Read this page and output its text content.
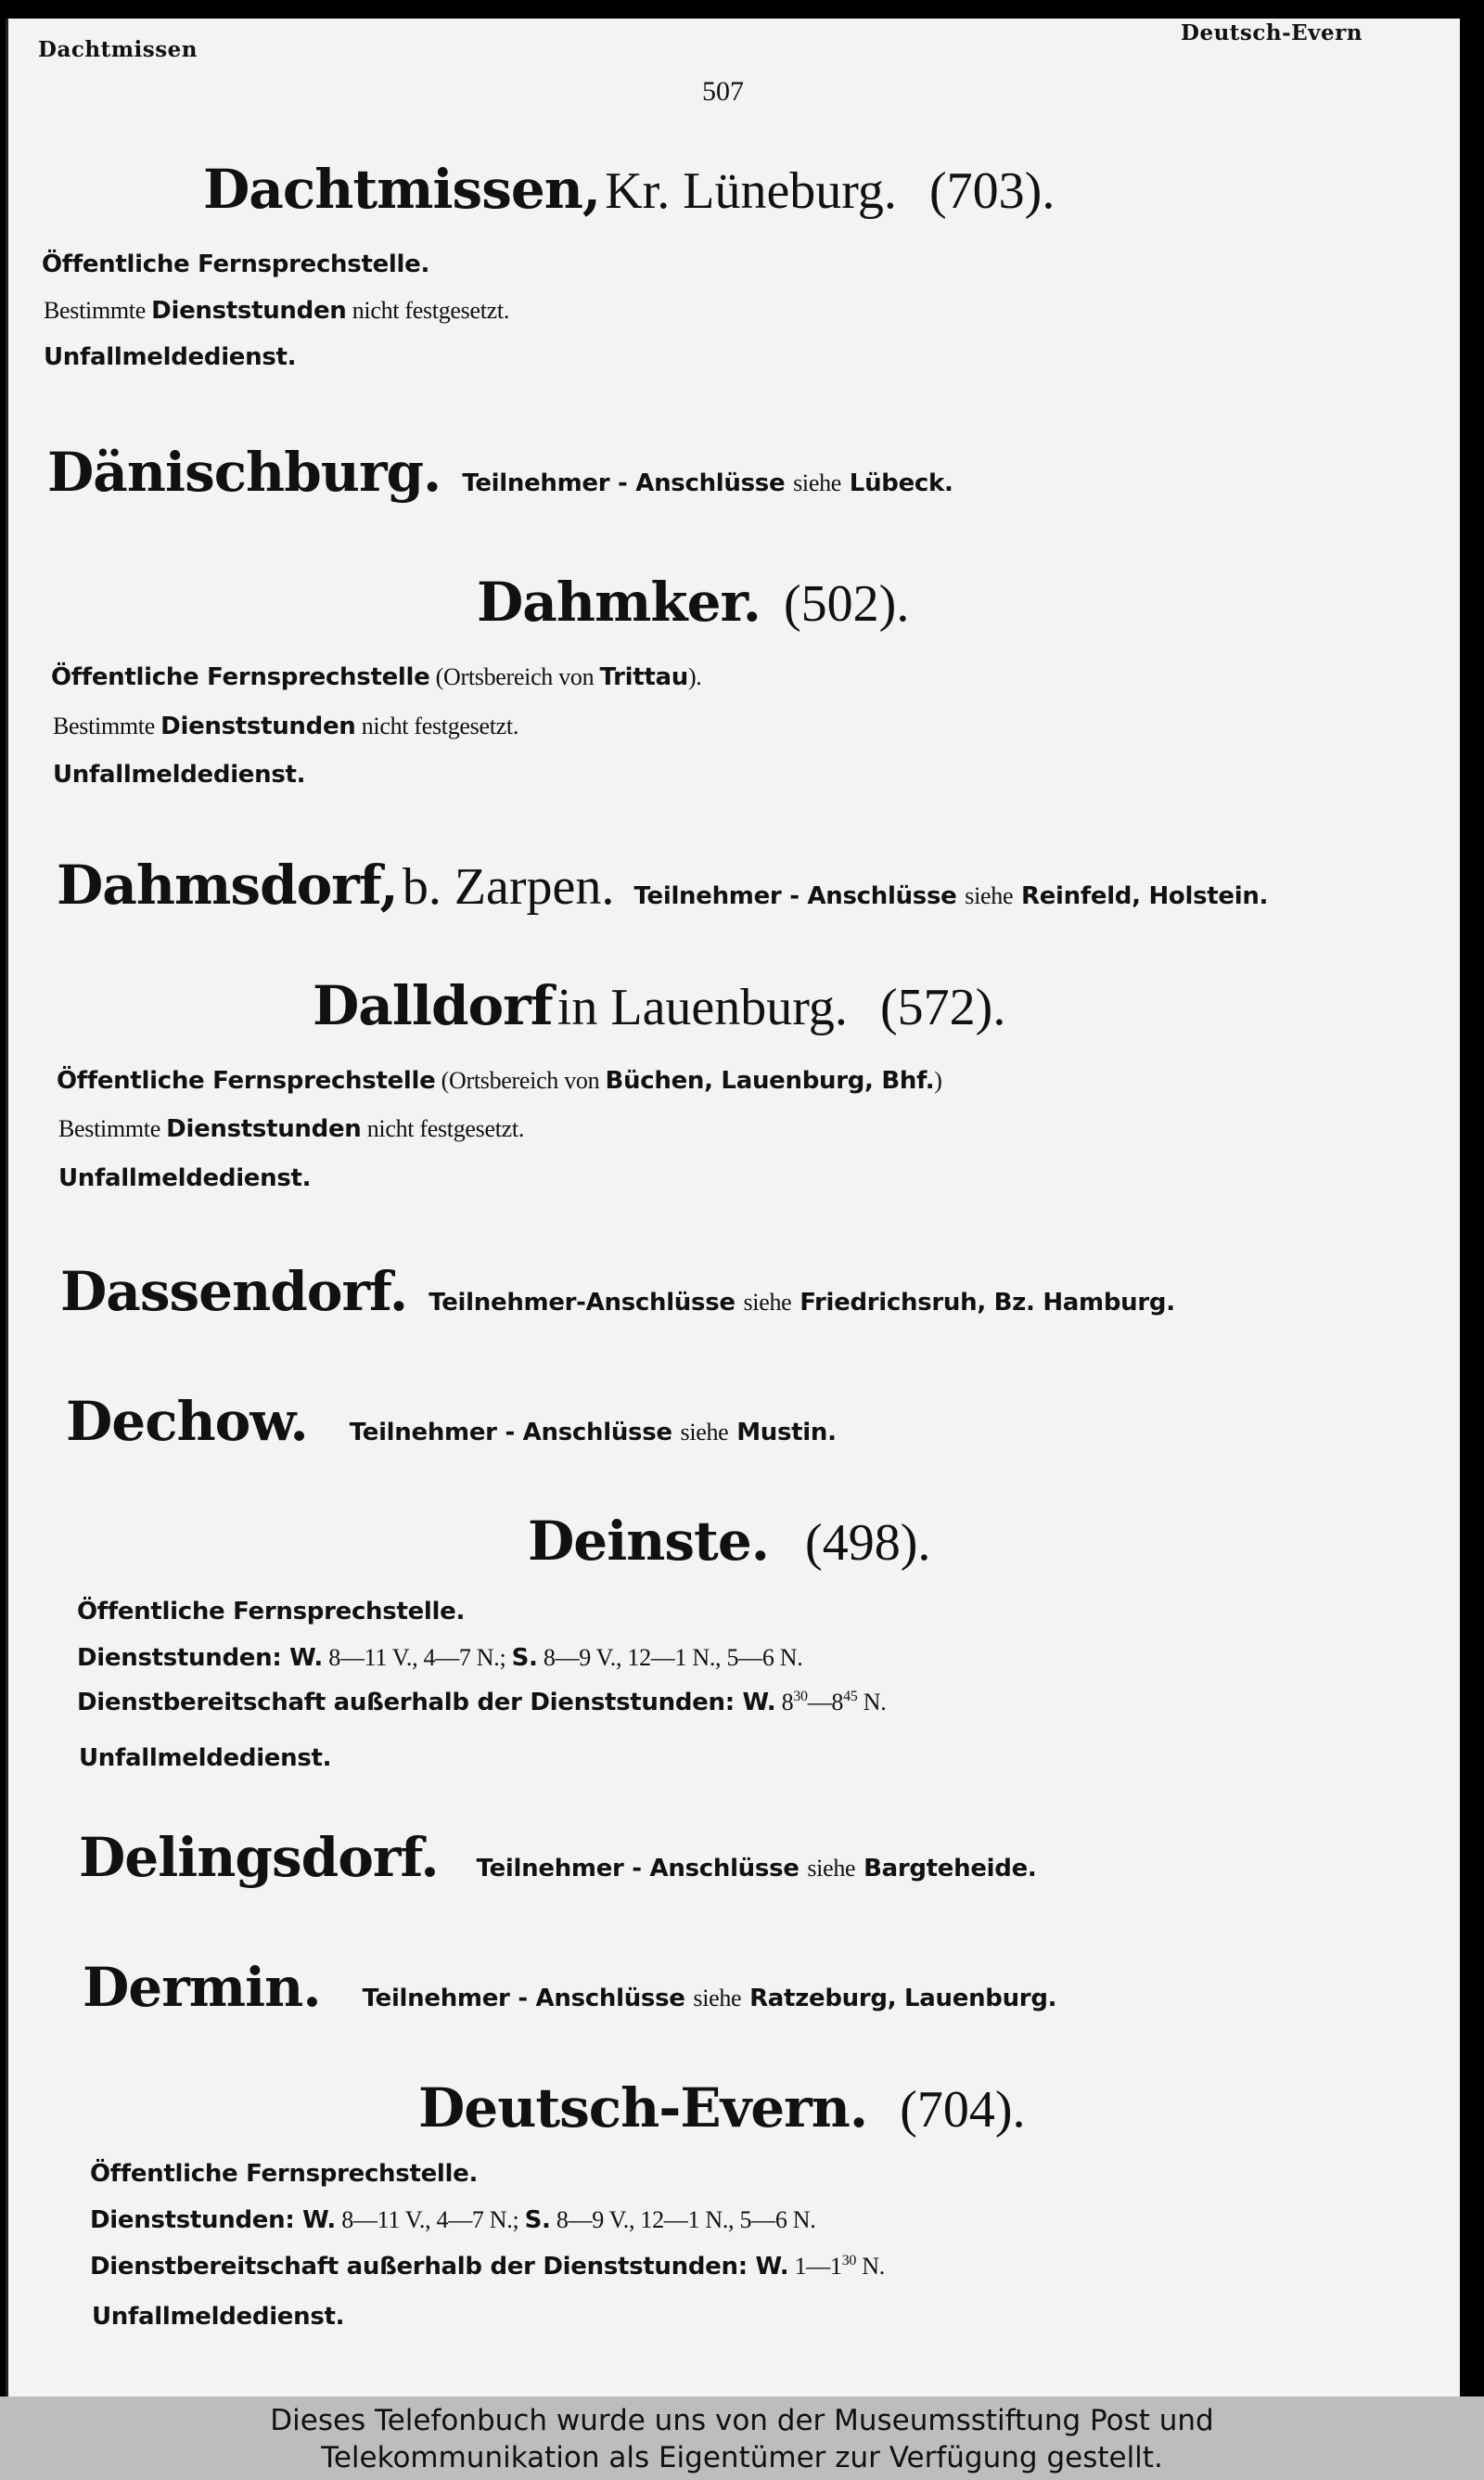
Dachtmissen
Deutsch-Evern
507
Dachtmissen, Kr. Lüneburg. (703).
Öffentliche Fernsprechstelle.
Bestimmte Dienststunden nicht festgesetzt.
Unfallmeldedienst.
Dänischburg. Teilnehmer - Anschlüsse siehe Lübeck.
Dahmker. (502).
Öffentliche Fernsprechstelle (Ortsbereich von Trittau).
Bestimmte Dienststunden nicht festgesetzt.
Unfallmeldedienst.
Dahmsdorf, b. Zarpen. Teilnehmer - Anschlüsse siehe Reinfeld, Holstein.
Dalldorf in Lauenburg. (572).
Öffentliche Fernsprechstelle (Ortsbereich von Büchen, Lauenburg, Bhf.)
Bestimmte Dienststunden nicht festgesetzt.
Unfallmeldedienst.
Dassendorf. Teilnehmer-Anschlüsse siehe Friedrichsruh, Bz. Hamburg.
Dechow. Teilnehmer - Anschlüsse siehe Mustin.
Deinste. (498).
Öffentliche Fernsprechstelle.
Dienststunden: W. 8—11 V., 4—7 N.; S. 8—9 V., 12—1 N., 5—6 N.
Dienstbereitschaft außerhalb der Dienststunden: W. $8^{30}—8^{45}$ N.
Unfallmeldedienst.
Delingsdorf. Teilnehmer - Anschlüsse siehe Bargteheide.
Dermin. Teilnehmer - Anschlüsse siehe Ratzeburg, Lauenburg.
Deutsch-Evern. (704).
Öffentliche Fernsprechstelle.
Dienststunden: W. 8—11 V., 4—7 N.; S. 8—9 V., 12—1 N., 5—6 N.
Dienstbereitschaft außerhalb der Dienststunden: W. $1—1^{30}$ N.
Unfallmeldedienst.
Dieses Telefonbuch wurde uns von der Museumsstiftung Post und
Telekommunikation als Eigentümer zur Verfügung gestellt.
